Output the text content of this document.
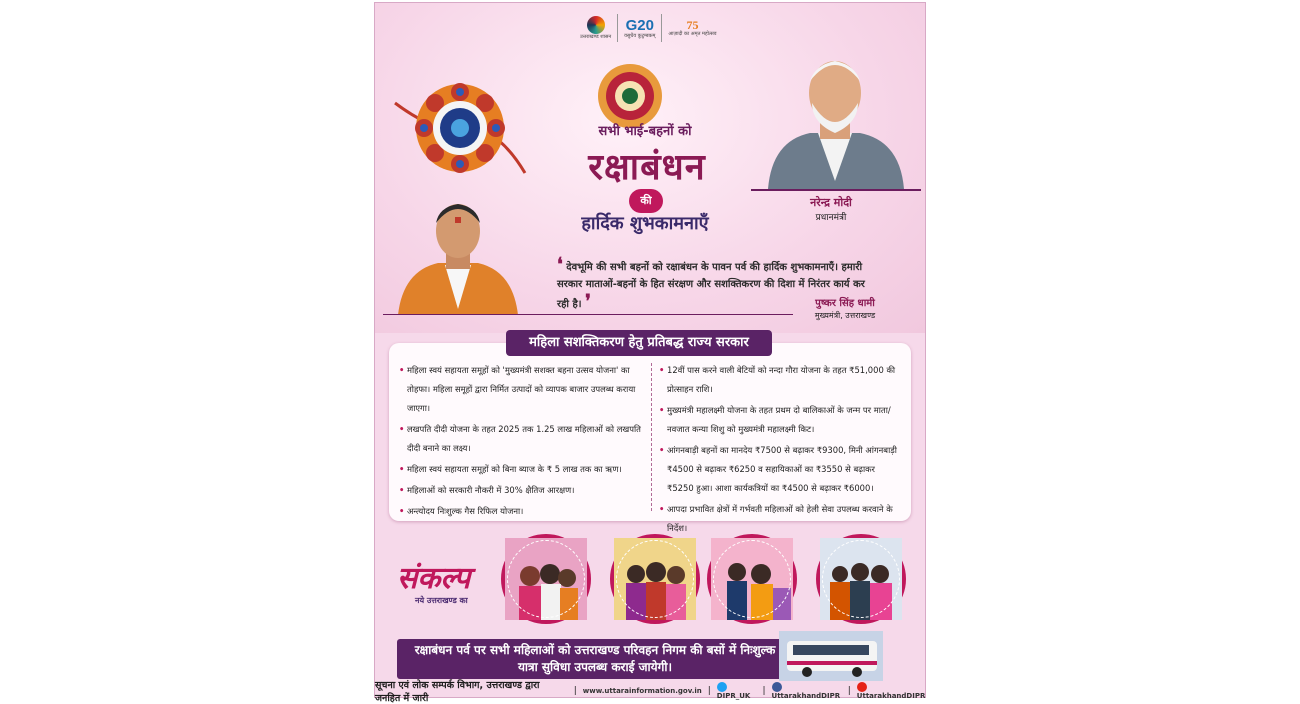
उत्तराखण्ड शासन
G20
वसुधैव कुटुम्बकम्
75
आज़ादी का अमृत महोत्सव
सभी भाई-बहनों को
रक्षाबंधन
की
हार्दिक शुभकामनाएँ
नरेन्द्र मोदी
प्रधानमंत्री
❛ देवभूमि की सभी बहनों को रक्षाबंधन के पावन पर्व की हार्दिक शुभकामनाएँ। हमारी सरकार माताओं-बहनों के हित संरक्षण और सशक्तिकरण की दिशा में निरंतर कार्य कर रही है। ❜	पुष्कर सिंह धामी
मुख्यमंत्री, उत्तराखण्ड
• महिला स्वयं सहायता समूहों को 'मुख्यमंत्री सशक्त बहना उत्सव योजना' का तोहफा। महिला समूहों द्वारा निर्मित उत्पादों को व्यापक बाजार उपलब्ध कराया जाएगा।
• लखपति दीदी योजना के तहत 2025 तक 1.25 लाख महिलाओं को लखपति दीदी बनाने का लक्ष्य।
• महिला स्वयं सहायता समूहों को बिना ब्याज के ₹ 5 लाख तक का ऋण।
• महिलाओं को सरकारी नौकरी में 30% क्षैतिज आरक्षण।
• अन्त्योदय निःशुल्क गैस रिफिल योजना।
• 12वीं पास करने वाली बेटियों को नन्दा गौरा योजना के तहत ₹51,000 की प्रोत्साहन राशि।
• मुख्यमंत्री महालक्ष्मी योजना के तहत प्रथम दो बालिकाओं के जन्म पर माता/नवजात कन्या शिशु को मुख्यमंत्री महालक्ष्मी किट।
• आंगनबाड़ी बहनों का मानदेय ₹7500 से बढ़ाकर ₹9300, मिनी आंगनबाड़ी ₹4500 से बढ़ाकर ₹6250 व सहायिकाओं का ₹3550 से बढ़ाकर ₹5250 हुआ। आशा कार्यकत्रियों का ₹4500 से बढ़ाकर ₹6000।
• आपदा प्रभावित क्षेत्रों में गर्भवती महिलाओं को हेली सेवा उपलब्ध करवाने के निर्देश।
महिला सशक्तिकरण हेतु प्रतिबद्ध राज्य सरकार
संकल्प
नये उत्तराखण्ड का
रक्षाबंधन पर्व पर सभी महिलाओं को उत्तराखण्ड परिवहन निगम की बसों में निःशुल्क यात्रा सुविधा उपलब्ध कराई जायेगी।
सूचना एवं लोक सम्पर्क विभाग, उत्तराखण्ड द्वारा जनहित में जारी
| www.uttarainformation.gov.in | DIPR_UK	| UttarakhandDIPR | UttarakhandDIPR
